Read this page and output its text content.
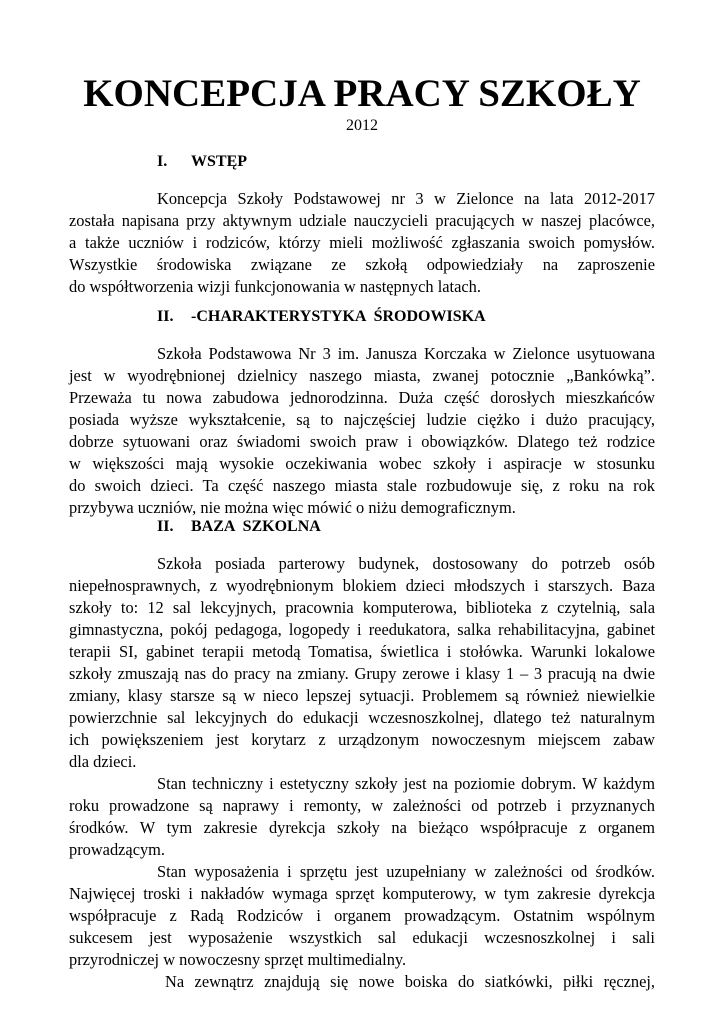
KONCEPCJA PRACY SZKOŁY
2012
I. WSTĘP
Koncepcja Szkoły Podstawowej nr 3 w Zielonce na lata 2012-2017
została napisana przy aktywnym udziale nauczycieli pracujących w naszej placówce,
a także uczniów i rodziców, którzy mieli możliwość zgłaszania swoich pomysłów.
Wszystkie środowiska związane ze szkołą odpowiedziały na zaproszenie
do współtworzenia wizji funkcjonowania w następnych latach.
II. -CHARAKTERYSTYKA  ŚRODOWISKA
Szkoła Podstawowa Nr 3 im. Janusza Korczaka w Zielonce usytuowana
jest w wyodrębnionej dzielnicy naszego miasta, zwanej potocznie „Bankówką”.
Przeważa tu nowa zabudowa jednorodzinna. Duża część dorosłych mieszkańców
posiada wyższe wykształcenie, są to najczęściej ludzie ciężko i dużo pracujący,
dobrze sytuowani oraz świadomi swoich praw i obowiązków. Dlatego też rodzice
w większości mają wysokie oczekiwania wobec szkoły i aspiracje w stosunku
do swoich dzieci. Ta część naszego miasta stale rozbudowuje się, z roku na rok
przybywa uczniów, nie można więc mówić o niżu demograficznym.
II. BAZA  SZKOLNA
Szkoła posiada parterowy budynek, dostosowany do potrzeb osób
niepełnosprawnych, z wyodrębnionym blokiem dzieci młodszych i starszych. Baza
szkoły to: 12 sal lekcyjnych, pracownia komputerowa, biblioteka z czytelnią, sala
gimnastyczna, pokój pedagoga, logopedy i reedukatora, salka rehabilitacyjna, gabinet
terapii SI, gabinet terapii metodą Tomatisa, świetlica i stołówka. Warunki lokalowe
szkoły zmuszają nas do pracy na zmiany. Grupy zerowe i klasy 1 – 3 pracują na dwie
zmiany, klasy starsze są w nieco lepszej sytuacji. Problemem są również niewielkie
powierzchnie sal lekcyjnych do edukacji wczesnoszkolnej, dlatego też naturalnym
ich powiększeniem jest korytarz z urządzonym nowoczesnym miejscem zabaw
dla dzieci.
Stan techniczny i estetyczny szkoły jest na poziomie dobrym. W każdym
roku prowadzone są naprawy i remonty, w zależności od potrzeb i przyznanych
środków. W tym zakresie dyrekcja szkoły na bieżąco współpracuje z organem
prowadzącym.
Stan wyposażenia i sprzętu jest uzupełniany w zależności od środków.
Najwięcej troski i nakładów wymaga sprzęt komputerowy, w tym zakresie dyrekcja
współpracuje z Radą Rodziców i organem prowadzącym. Ostatnim wspólnym
sukcesem jest wyposażenie wszystkich sal edukacji wczesnoszkolnej i sali
przyrodniczej w nowoczesny sprzęt multimedialny.
Na zewnątrz znajdują się nowe boiska do siatkówki, piłki ręcznej,
